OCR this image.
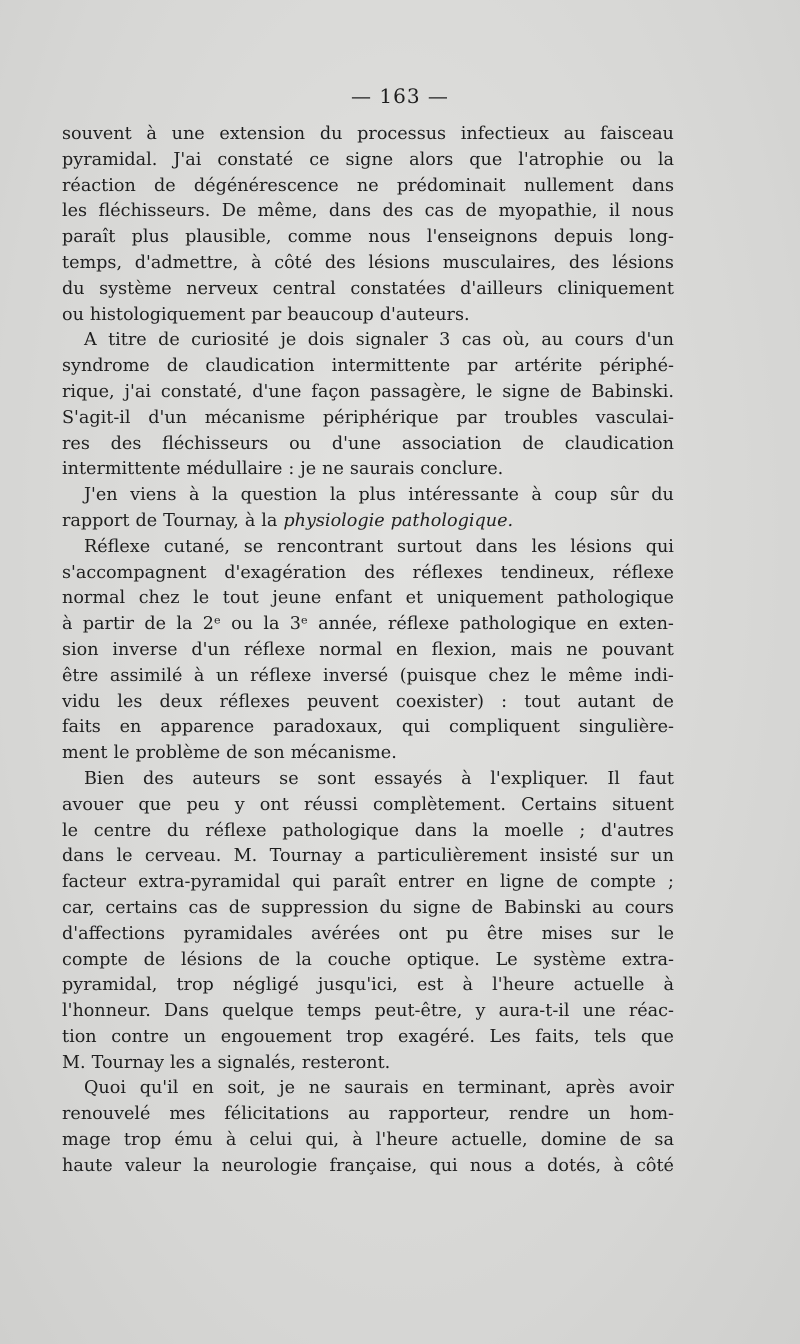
— 163 —
souvent à une extension du processus infectieux au faisceau
pyramidal. J'ai constaté ce signe alors que l'atrophie ou la
réaction de dégénérescence ne prédominait nullement dans
les fléchisseurs. De même, dans des cas de myopathie, il nous
paraît plus plausible, comme nous l'enseignons depuis long-
temps, d'admettre, à côté des lésions musculaires, des lésions
du système nerveux central constatées d'ailleurs cliniquement
ou histologiquement par beaucoup d'auteurs.
A titre de curiosité je dois signaler 3 cas où, au cours d'un
syndrome de claudication intermittente par artérite périphé-
rique, j'ai constaté, d'une façon passagère, le signe de Babinski.
S'agit-il d'un mécanisme périphérique par troubles vasculai-
res des fléchisseurs ou d'une association de claudication
intermittente médullaire : je ne saurais conclure.
J'en viens à la question la plus intéressante à coup sûr du
rapport de Tournay, à la physiologie pathologique.
Réflexe cutané, se rencontrant surtout dans les lésions qui
s'accompagnent d'exagération des réflexes tendineux, réflexe
normal chez le tout jeune enfant et uniquement pathologique
à partir de la 2ᵉ ou la 3ᵉ année, réflexe pathologique en exten-
sion inverse d'un réflexe normal en flexion, mais ne pouvant
être assimilé à un réflexe inversé (puisque chez le même indi-
vidu les deux réflexes peuvent coexister) : tout autant de
faits en apparence paradoxaux, qui compliquent singulière-
ment le problème de son mécanisme.
Bien des auteurs se sont essayés à l'expliquer. Il faut
avouer que peu y ont réussi complètement. Certains situent
le centre du réflexe pathologique dans la moelle ; d'autres
dans le cerveau. M. Tournay a particulièrement insisté sur un
facteur extra-pyramidal qui paraît entrer en ligne de compte ;
car, certains cas de suppression du signe de Babinski au cours
d'affections pyramidales avérées ont pu être mises sur le
compte de lésions de la couche optique. Le système extra-
pyramidal, trop négligé jusqu'ici, est à l'heure actuelle à
l'honneur. Dans quelque temps peut-être, y aura-t-il une réac-
tion contre un engouement trop exagéré. Les faits, tels que
M. Tournay les a signalés, resteront.
Quoi qu'il en soit, je ne saurais en terminant, après avoir
renouvelé mes félicitations au rapporteur, rendre un hom-
mage trop ému à celui qui, à l'heure actuelle, domine de sa
haute valeur la neurologie française, qui nous a dotés, à côté
